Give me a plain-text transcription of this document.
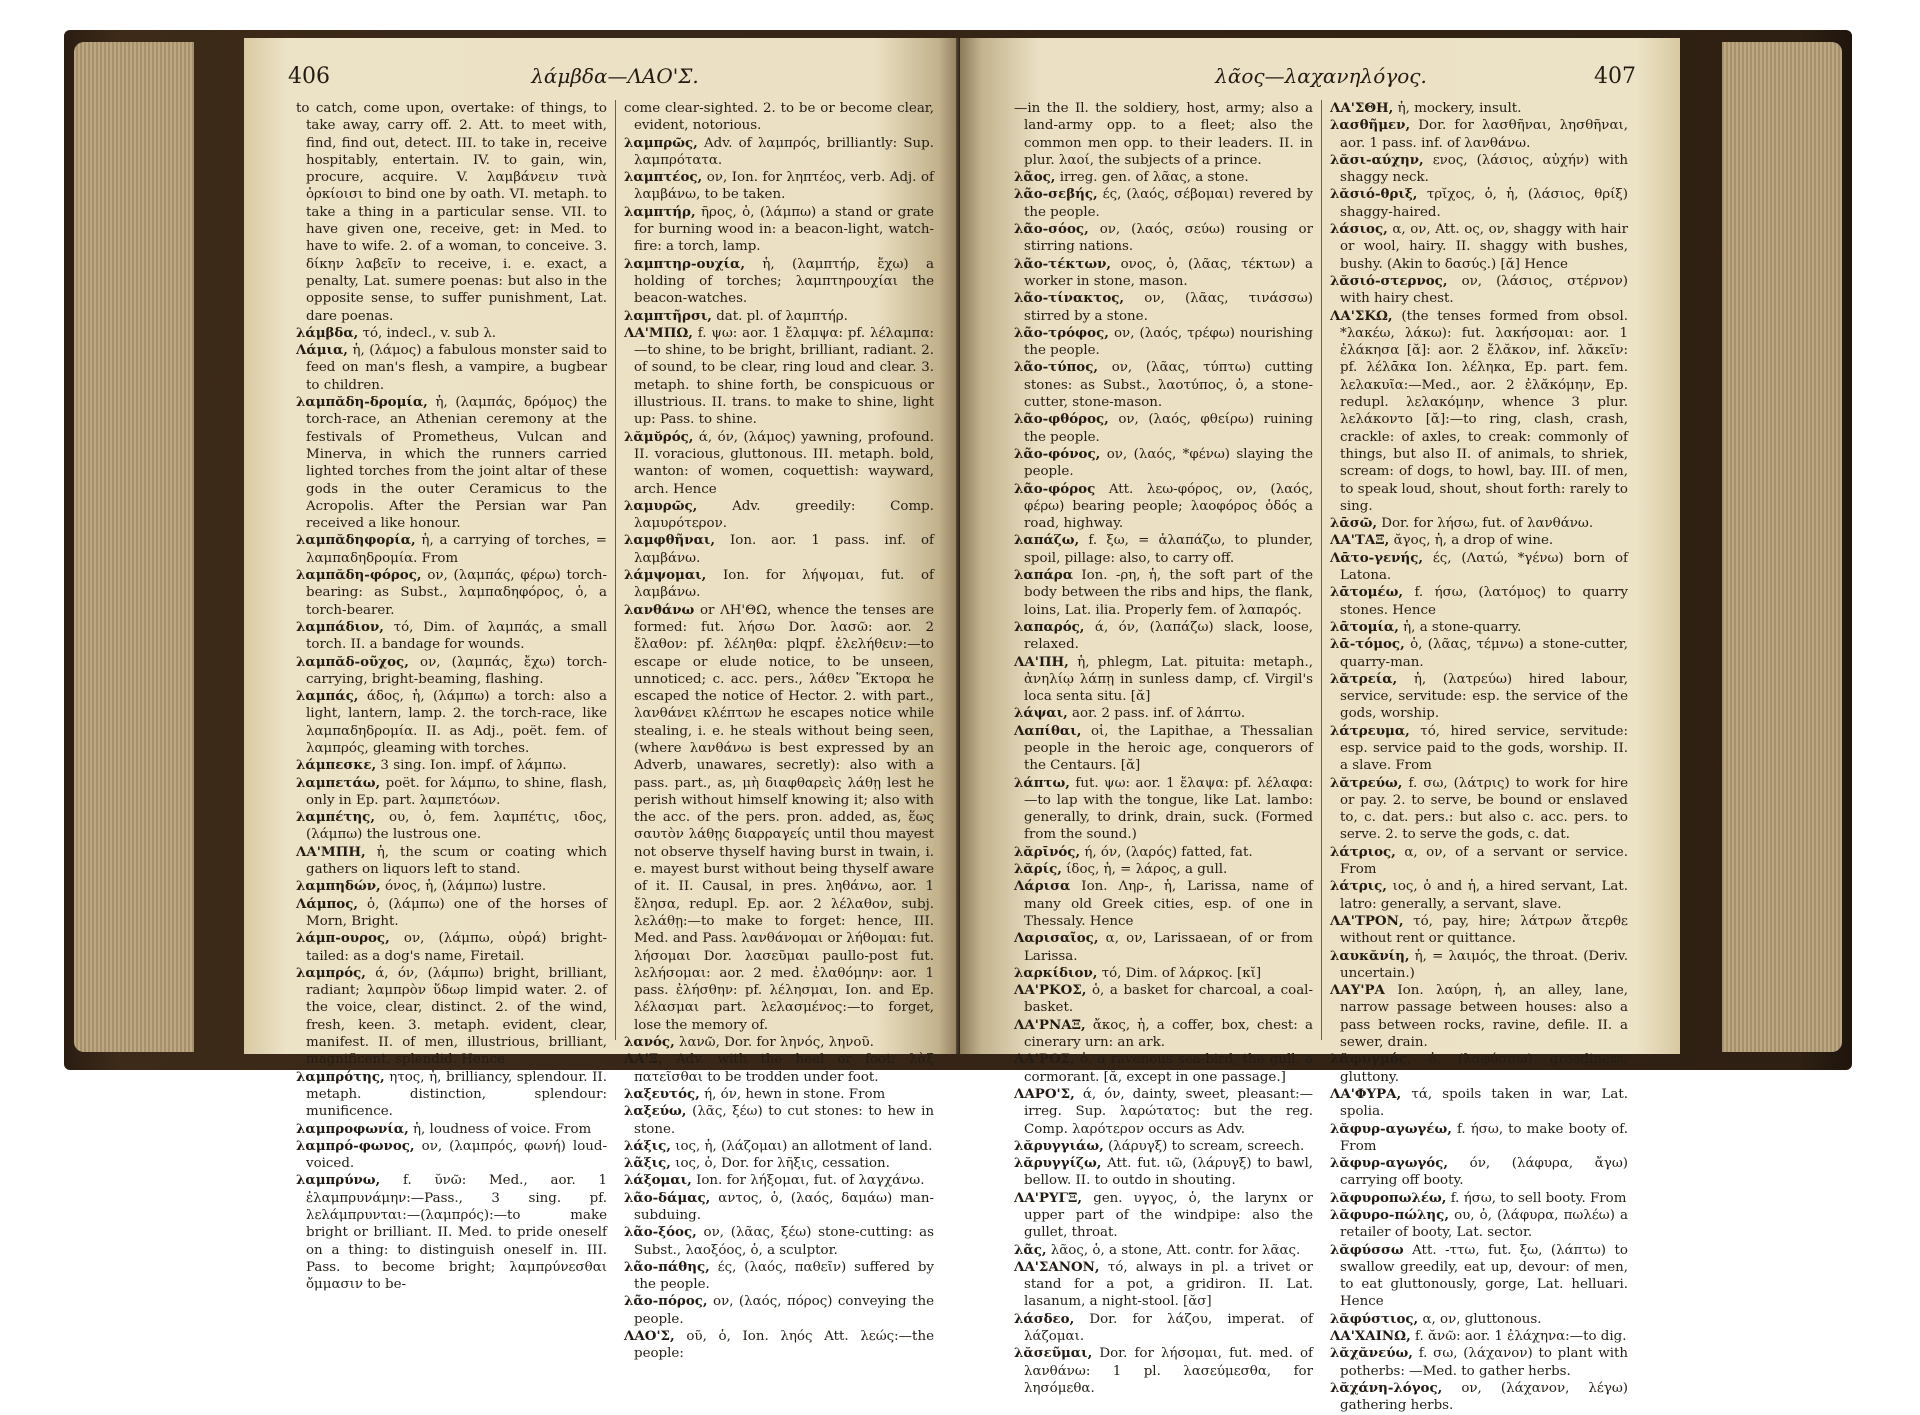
406	λάμβδα—ΛΑΟ'Σ.

to catch, come upon, overtake: of things, to take away, carry off. 2. Att. to meet with, find, find out, detect. III. to take in, receive hospitably, entertain. IV. to gain, win, procure, acquire. V. λαμβάνειν τινὰ ὁρκίοισι to bind one by oath. VI. metaph. to take a thing in a particular sense. VII. to have given one, receive, get: in Med. to have to wife. 2. of a woman, to conceive. 3. δίκην λαβεῖν to receive, i. e. exact, a penalty, Lat. sumere poenas: but also in the opposite sense, to suffer punishment, Lat. dare poenas.

λάμβδα, τό, indecl., v. sub λ.

Λάμια, ἡ, (λάμος) a fabulous monster said to feed on man's flesh, a vampire, a bugbear to children.

λαμπᾰδη-δρομία, ἡ, (λαμπάς, δρόμος) the torch-race, an Athenian ceremony at the festivals of Prometheus, Vulcan and Minerva, in which the runners carried lighted torches from the joint altar of these gods in the outer Ceramicus to the Acropolis. After the Persian war Pan received a like honour.

λαμπᾰδηφορία, ἡ, a carrying of torches, = λαμπαδηδρομία. From

λαμπᾰδη-φόρος, ον, (λαμπάς, φέρω) torch-bearing: as Subst., λαμπαδηφόρος, ὁ, a torch-bearer.

λαμπάδιον, τό, Dim. of λαμπάς, a small torch. II. a bandage for wounds.

λαμπᾰδ-οῦχος, ον, (λαμπάς, ἔχω) torch-carrying, bright-beaming, flashing.

λαμπάς, άδος, ἡ, (λάμπω) a torch: also a light, lantern, lamp. 2. the torch-race, like λαμπαδηδρομία. II. as Adj., poët. fem. of λαμπρός, gleaming with torches.

λάμπεσκε, 3 sing. Ion. impf. of λάμπω.

λαμπετάω, poët. for λάμπω, to shine, flash, only in Ep. part. λαμπετόων.

λαμπέτης, ου, ὁ, fem. λαμπέτις, ιδος, (λάμπω) the lustrous one.

ΛΑ'ΜΠΗ, ἡ, the scum or coating which gathers on liquors left to stand.

λαμπηδών, όνος, ἡ, (λάμπω) lustre.

Λάμπος, ὁ, (λάμπω) one of the horses of Morn, Bright.

λάμπ-ουρος, ον, (λάμπω, οὐρά) bright-tailed: as a dog's name, Firetail.

λαμπρός, ά, όν, (λάμπω) bright, brilliant, radiant; λαμπρὸν ὕδωρ limpid water. 2. of the voice, clear, distinct. 2. of the wind, fresh, keen. 3. metaph. evident, clear, manifest. II. of men, illustrious, brilliant, magnificent, splendid. Hence

λαμπρότης, ητος, ἡ, brilliancy, splendour. II. metaph. distinction, splendour: munificence.

λαμπροφωνία, ἡ, loudness of voice. From

λαμπρό-φωνος, ον, (λαμπρός, φωνή) loud-voiced.

λαμπρύνω, f. ῠνῶ: Med., aor. 1 ἐλαμπρυνάμην:—Pass., 3 sing. pf. λελάμπρυνται:—(λαμπρός):—to make bright or brilliant. II. Med. to pride oneself on a thing: to distinguish oneself in. III. Pass. to become bright; λαμπρύνεσθαι ὄμμασιν to be-

come clear-sighted. 2. to be or become clear, evident, notorious.

λαμπρῶς, Adv. of λαμπρός, brilliantly: Sup. λαμπρότατα.

λαμπτέος, ον, Ion. for ληπτέος, verb. Adj. of λαμβάνω, to be taken.

λαμπτήρ, ῆρος, ὁ, (λάμπω) a stand or grate for burning wood in: a beacon-light, watch-fire: a torch, lamp.

λαμπτηρ-ουχία, ἡ, (λαμπτήρ, ἔχω) a holding of torches; λαμπτηρουχίαι the beacon-watches.

λαμπτῆρσι, dat. pl. of λαμπτήρ.

ΛΑ'ΜΠΩ, f. ψω: aor. 1 ἔλαμψα: pf. λέλαμπα:—to shine, to be bright, brilliant, radiant. 2. of sound, to be clear, ring loud and clear. 3. metaph. to shine forth, be conspicuous or illustrious. II. trans. to make to shine, light up: Pass. to shine.

λᾰμῠρός, ά, όν, (λάμος) yawning, profound. II. voracious, gluttonous. III. metaph. bold, wanton: of women, coquettish: wayward, arch. Hence

λαμυρῶς,	Adv. greedily: Comp. λαμυρότερον.

λαμφθῆναι, Ion. aor. 1 pass. inf. of λαμβάνω.

λάμψομαι, Ion. for λήψομαι, fut. of λαμβάνω.

λανθάνω or ΛΗ'ΘΩ, whence the tenses are formed: fut. λήσω Dor. λασῶ: aor. 2 ἔλαθον: pf. λέληθα: plqpf. ἐλελήθειν:—to escape or elude notice, to be unseen, unnoticed; c. acc. pers., λάθεν Ἕκτορα he escaped the notice of Hector. 2. with part., λανθάνει κλέπτων he escapes notice while stealing, i. e. he steals without being seen, (where λανθάνω is best expressed by an Adverb, unawares, secretly): also with a pass. part., as, μὴ διαφθαρεὶς λάθῃ lest he perish without himself knowing it; also with the acc. of the pers. pron. added, as, ἕως σαυτὸν λάθῃς διαρραγείς until thou mayest not observe thyself having burst in twain, i. e. mayest burst without being thyself aware of it. II. Causal, in pres. ληθάνω, aor. 1 ἔλησα, redupl. Ep. aor. 2 λέλαθον, subj. λελάθῃ:—to make to forget: hence, III. Med. and Pass. λανθάνομαι or λήθομαι: fut. λήσομαι Dor. λασεῦμαι paullo-post fut. λελήσομαι: aor. 2 med. ἐλαθόμην: aor. 1 pass. ἐλήσθην: pf. λέλησμαι, Ion. and Ep. λέλασμαι part. λελασμένος:—to forget, lose the memory of.

λανός, λανῶ, Dor. for ληνός, ληνοῦ.

ΛΑ'Ξ, Adv. with the heel or foot; λὰξ πατεῖσθαι to be trodden under foot.

λαξευτός, ή, όν, hewn in stone. From

λαξεύω, (λᾶς, ξέω) to cut stones: to hew in stone.

λάξις, ιος, ἡ, (λάζομαι) an allotment of land.

λᾶξις, ιος, ὁ, Dor. for λῆξις, cessation.

λάξομαι, Ion. for λήξομαι, fut. of λαγχάνω.

λᾶο-δάμας, αντος, ὁ, (λαός, δαμάω) man-subduing.

λᾶο-ξόος, ον, (λᾶας, ξέω) stone-cutting: as Subst., λαοξόος, ὁ, a sculptor.

λᾶο-πάθης, ές, (λαός, παθεῖν) suffered by the people.

λᾶο-πόρος, ον, (λαός, πόρος) conveying the people.

ΛΑΟ'Σ, οῦ, ὁ, Ion. ληός Att. λεώς:—the people:

λᾶος—λαχανηλόγος.	407

—in the Il. the soldiery, host, army; also a land-army opp. to a fleet; also the common men opp. to their leaders. II. in plur. λαοί, the subjects of a prince.

λᾶος, irreg. gen. of λᾶας, a stone.

λᾶο-σεβής, ές, (λαός, σέβομαι) revered by the people.

λᾶο-σόος, ον, (λαός, σεύω) rousing or stirring nations.

λᾶο-τέκτων, ονος, ὁ, (λᾶας, τέκτων) a worker in stone, mason.

λᾶο-τίνακτος, ον, (λᾶας, τινάσσω) stirred by a stone.

λᾶο-τρόφος, ον, (λαός, τρέφω) nourishing the people.

λᾶο-τύπος, ον, (λᾶας, τύπτω) cutting stones: as Subst., λαοτύπος, ὁ, a stone-cutter, stone-mason.

λᾶο-φθόρος, ον, (λαός, φθείρω) ruining the people.

λᾶο-φόνος, ον, (λαός, *φένω) slaying the people.

λᾶο-φόρος Att. λεω-φόρος, ον, (λαός, φέρω) bearing people; λαοφόρος ὁδός a road, highway.

λαπάζω, f. ξω, = ἀλαπάζω, to plunder, spoil, pillage: also, to carry off.

λαπάρα Ion. -ρη, ἡ, the soft part of the body between the ribs and hips, the flank, loins, Lat. ilia. Properly fem. of λαπαρός.

λαπαρός, ά, όν, (λαπάζω) slack, loose, relaxed.

ΛΑ'ΠΗ, ἡ, phlegm, Lat. pituita: metaph., ἀνηλίῳ λάπῃ in sunless damp, cf. Virgil's loca senta situ. [ᾰ]

λάψαι, aor. 2 pass. inf. of λάπτω.

Λαπίθαι, οἱ, the Lapithae, a Thessalian people in the heroic age, conquerors of the Centaurs. [ᾰ]

λάπτω, fut. ψω: aor. 1 ἔλαψα: pf. λέλαφα:—to lap with the tongue, like Lat. lambo: generally, to drink, drain, suck. (Formed from the sound.)

λᾰρῑνός, ή, όν, (λαρός) fatted, fat.

λᾰρίς, ίδος, ἡ, = λάρος, a gull.

Λάρισα Ion. Ληρ-, ἡ, Larissa, name of many old Greek cities, esp. of one in Thessaly. Hence

Λαρισαῖος, α, ον, Larissaean, of or from Larissa.

λαρκίδιον, τό, Dim. of λάρκος. [κῐ]

ΛΑ'ΡΚΟΣ, ὁ, a basket for charcoal, a coal-basket.

ΛΑ'ΡΝΑΞ, ἄκος, ἡ, a coffer, box, chest: a cinerary urn: an ark.

ΛΑ'ΡΟΣ, ὁ, a ravenous sea-bird, the gull, a cormorant. [ᾰ, except in one passage.]

ΛΑΡΟ'Σ, ά, όν, dainty, sweet, pleasant:—irreg. Sup. λαρώτατος: but the reg. Comp. λαρότερον occurs as Adv.

λᾰρυγγιάω, (λάρυγξ) to scream, screech.

λᾰρυγγίζω, Att. fut. ιῶ, (λάρυγξ) to bawl, bellow. II. to outdo in shouting.

ΛΑ'ΡΥΓΞ, gen. υγγος, ὁ, the larynx or upper part of the windpipe: also the gullet, throat.

λᾶς, λᾶος, ὁ, a stone, Att. contr. for λᾶας.

ΛΑ'ΣΑΝΟΝ, τό, always in pl. a trivet or stand for a pot, a gridiron. II. Lat. lasanum, a night-stool. [ᾰσ]

λάσδεο, Dor. for λάζου, imperat. of λάζομαι.

λᾰσεῦμαι, Dor. for λήσομαι, fut. med. of λανθάνω: 1 pl. λασεύμεσθα, for λησόμεθα.

ΛΑ'ΣΘΗ, ἡ, mockery, insult.

λασθῆμεν, Dor. for λασθῆναι, λησθῆναι, aor. 1 pass. inf. of λανθάνω.

λᾰσι-αύχην, ενος, (λάσιος, αὐχήν) with shaggy neck.

λᾰσιό-θριξ, τρῐχος, ὁ, ἡ, (λάσιος, θρίξ) shaggy-haired.

λάσιος, α, ον, Att. ος, ον, shaggy with hair or wool, hairy. II. shaggy with bushes, bushy. (Akin to δασύς.) [ᾰ] Hence

λᾰσιό-στερνος, ον, (λάσιος, στέρνον) with hairy chest.

ΛΑ'ΣΚΩ, (the tenses formed from obsol. *λακέω, λάκω): fut. λακήσομαι: aor. 1 ἐλάκησα [ᾰ]: aor. 2 ἔλᾰκον, inf. λᾰκεῖν: pf. λέλᾱκα Ion. λέληκα, Ep. part. fem. λελακυῖα:—Med., aor. 2 ἐλᾰκόμην, Ep. redupl. λελακόμην, whence 3 plur. λελάκοντο [ᾰ]:—to ring, clash, crash, crackle: of axles, to creak: commonly of things, but also II. of animals, to shriek, scream: of dogs, to howl, bay. III. of men, to speak loud, shout, shout forth: rarely to sing.

λᾱσῶ, Dor. for λήσω, fut. of λανθάνω.

ΛΑ'ΤΑΞ, ᾰγος, ἡ, a drop of wine.

Λᾱτο-γενής, ές, (Λατώ, *γένω) born of Latona.

λᾱτομέω, f. ήσω, (λατόμος) to quarry stones. Hence

λᾱτομία, ἡ, a stone-quarry.

λᾱ-τόμος, ὁ, (λᾶας, τέμνω) a stone-cutter, quarry-man.

λᾰτρεία, ἡ, (λατρεύω) hired labour, service, servitude: esp. the service of the gods, worship.

λάτρευμα, τό, hired service, servitude: esp. service paid to the gods, worship. II. a slave. From

λᾰτρεύω, f. σω, (λάτρις) to work for hire or pay. 2. to serve, be bound or enslaved to, c. dat. pers.: but also c. acc. pers. to serve. 2. to serve the gods, c. dat.

λάτριος, α, ον, of a servant or service. From

λάτρις, ιος, ὁ and ἡ, a hired servant, Lat. latro: generally, a servant, slave.

ΛΑ'ΤΡΟΝ, τό, pay, hire; λάτρων ἄτερθε without rent or quittance.

λαυκᾰνίη, ἡ, = λαιμός, the throat. (Deriv. uncertain.)

ΛΑΥ'ΡΑ Ion. λαύρη, ἡ, an alley, lane, narrow passage between houses: also a pass between rocks, ravine, defile. II. a sewer, drain.

λᾰφυγμός, ὁ, (λαφύσσω) greediness, gluttony.

ΛΑ'ΦΥΡΑ, τά, spoils taken in war, Lat. spolia.

λᾰφυρ-αγωγέω, f. ήσω, to make booty of. From

λᾰφυρ-αγωγός, όν, (λάφυρα, ἄγω) carrying off booty.

λᾰφυροπωλέω, f. ήσω, to sell booty. From

λᾰφυρο-πώλης, ου, ὁ, (λάφυρα, πωλέω) a retailer of booty, Lat. sector.

λᾰφύσσω Att. -ττω, fut. ξω, (λάπτω) to swallow greedily, eat up, devour: of men, to eat gluttonously, gorge, Lat. helluari. Hence

λᾰφύστιος, α, ον, gluttonous.

ΛΑ'ΧΑΙΝΩ, f. ᾰνῶ: aor. 1 ἐλάχηνα:—to dig.

λᾰχᾰνεύω, f. σω, (λάχανον) to plant with potherbs: —Med. to gather herbs.

λᾰχάνη-λόγος, ον, (λάχανον, λέγω) gathering herbs.
